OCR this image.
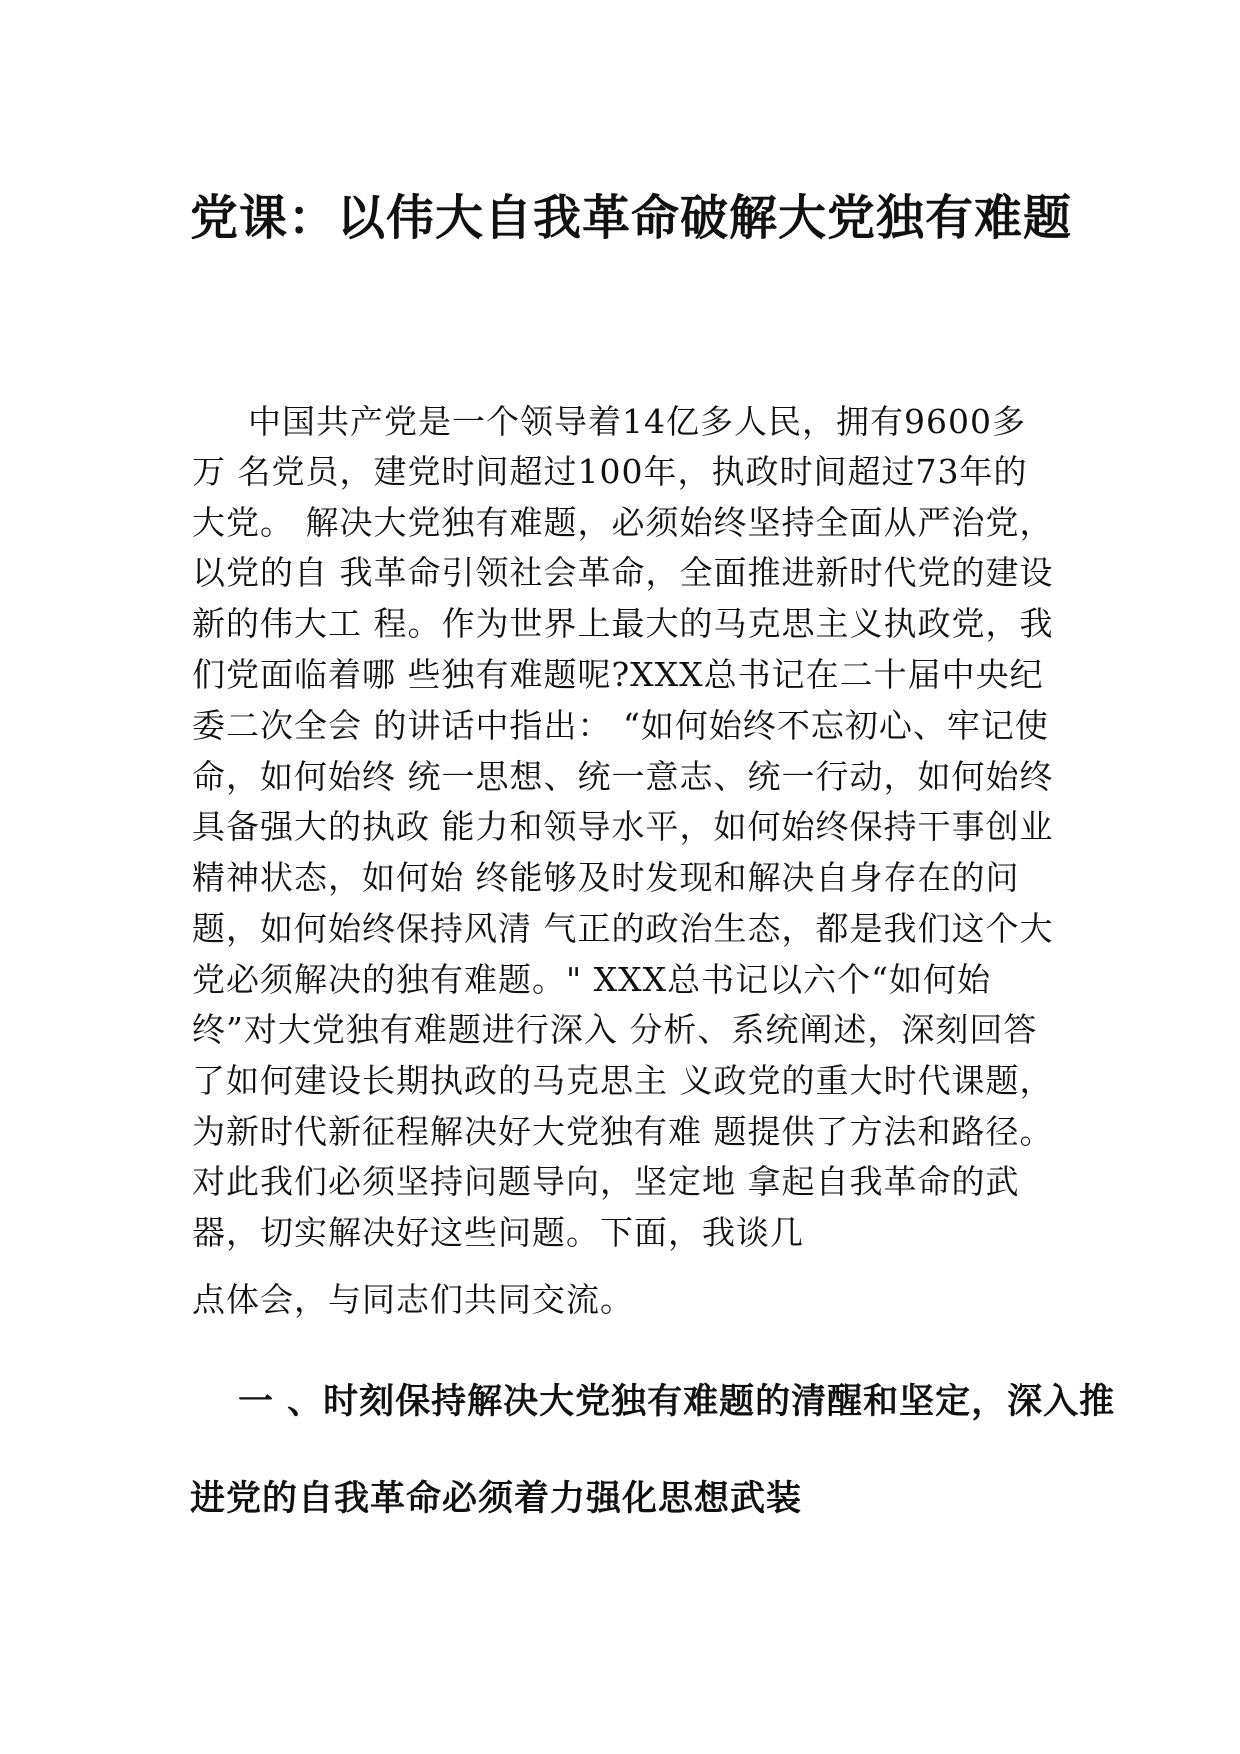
党课：以伟大自我革命破解大党独有难题

中国共产党是一个领导着14亿多人民，拥有9600多

万 名党员，建党时间超过100年，执政时间超过73年的

大党。 解决大党独有难题，必须始终坚持全面从严治党，

以党的自 我革命引领社会革命，全面推进新时代党的建设

新的伟大工 程。作为世界上最大的马克思主义执政党，我

们党面临着哪 些独有难题呢?XXX总书记在二十届中央纪

委二次全会 的讲话中指出： “如何始终不忘初心、牢记使

命，如何始终 统一思想、统一意志、统一行动，如何始终

具备强大的执政 能力和领导水平，如何始终保持干事创业

精神状态，如何始 终能够及时发现和解决自身存在的问

题，如何始终保持风清 气正的政治生态，都是我们这个大

党必须解决的独有难题。" XXX总书记以六个“如何始

终”对大党独有难题进行深入 分析、系统阐述，深刻回答

了如何建设长期执政的马克思主 义政党的重大时代课题，

为新时代新征程解决好大党独有难 题提供了方法和路径。

对此我们必须坚持问题导向，坚定地 拿起自我革命的武

器，切实解决好这些问题。下面，我谈几

点体会，与同志们共同交流。

一 、时刻保持解决大党独有难题的清醒和坚定，深入推
进党的自我革命必须着力强化思想武装
